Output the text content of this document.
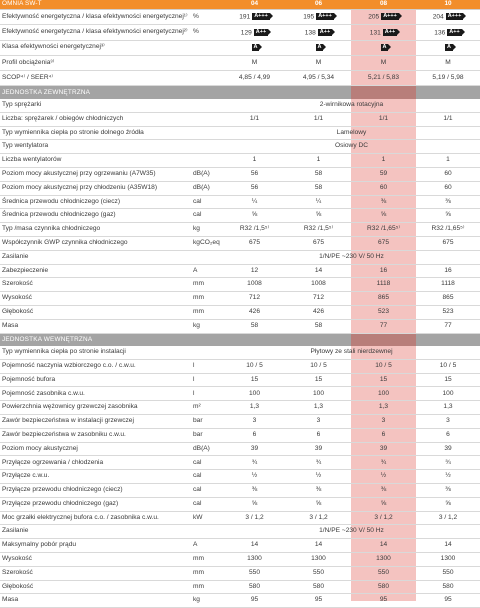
OMNIA SW-T		04	06	08	10
Efektywność energetyczna / klasa efektywności energetycznej¹⁾	%	191 A+++	195 A+++	205 A+++	204 A+++
Efektywność energetyczna / klasa efektywności energetycznej²⁾	%	129 A++	138 A++	131 A++	136 A++
Klasa efektywności energetycznej³⁾		A	A	A	A
Profil obciążenia³⁾		M	M	M	M
SCOP⁴⁾ / SEER⁴⁾		4,85 / 4,99	4,95 / 5,34	5,21 / 5,83	5,19 / 5,98
JEDNOSTKA ZEWNĘTRZNA					
Typ sprężarki		2-wirnikowa rotacyjna			
Liczba: sprężarek / obiegów chłodniczych		1/1	1/1	1/1	1/1
Typ wymiennika ciepła po stronie dolnego źródła		Lamelowy			
Typ wentylatora		Osiowy DC			
Liczba wentylatorów		1	1	1	1
Poziom mocy akustycznej przy ogrzewaniu (A7W35)	dB(A)	56	58	59	60
Poziom mocy akustycznej przy chłodzeniu (A35W18)	dB(A)	56	58	60	60
Średnica przewodu chłodniczego (ciecz)	cal	¼	¼	⅜	⅜
Średnica przewodu chłodniczego (gaz)	cal	⅝	⅝	⅝	⅝
Typ /masa czynnika chłodniczego	kg	R32 /1,5⁵⁾	R32 /1,5⁵⁾	R32 /1,65⁵⁾	R32 /1,65⁵⁾
Współczynnik GWP czynnika chłodniczego	kgCO₂eq	675	675	675	675
Zasilanie		1/N/PE ~230 V/ 50 Hz			
Zabezpieczenie	A	12	14	16	16
Szerokość	mm	1008	1008	1118	1118
Wysokość	mm	712	712	865	865
Głębokość	mm	426	426	523	523
Masa	kg	58	58	77	77
JEDNOSTKA WEWNĘTRZNA					
Typ wymiennika ciepła po stronie instalacji		Płytowy ze stali nierdzewnej			
Pojemność naczynia wzbiorczego c.o. / c.w.u.	l	10 / 5	10 / 5	10 / 5	10 / 5
Pojemność bufora	l	15	15	15	15
Pojemność zasobnika c.w.u.	l	100	100	100	100
Powierzchnia wężownicy grzewczej zasobnika	m²	1,3	1,3	1,3	1,3
Zawór bezpieczeństwa w instalacji grzewczej	bar	3	3	3	3
Zawór bezpieczeństwa w zasobniku c.w.u.	bar	6	6	6	6
Poziom mocy akustycznej	dB(A)	39	39	39	39
Przyłącze ogrzewania / chłodzenia	cal	¾	¾	¾	¾
Przyłącze c.w.u.	cal	½	½	½	½
Przyłącze przewodu chłodniczego (ciecz)	cal	⅜	⅜	⅜	⅜
Przyłącze przewodu chłodniczego (gaz)	cal	⅝	⅝	⅝	⅝
Moc grzałki elektrycznej bufora c.o. / zasobnika c.w.u.	kW	3 / 1,2	3 / 1,2	3 / 1,2	3 / 1,2
Zasilanie		1/N/PE ~230 V/ 50 Hz			
Maksymalny pobór prądu	A	14	14	14	14
Wysokość	mm	1300	1300	1300	1300
Szerokość	mm	550	550	550	550
Głębokość	mm	580	580	580	580
Masa	kg	95	95	95	95
